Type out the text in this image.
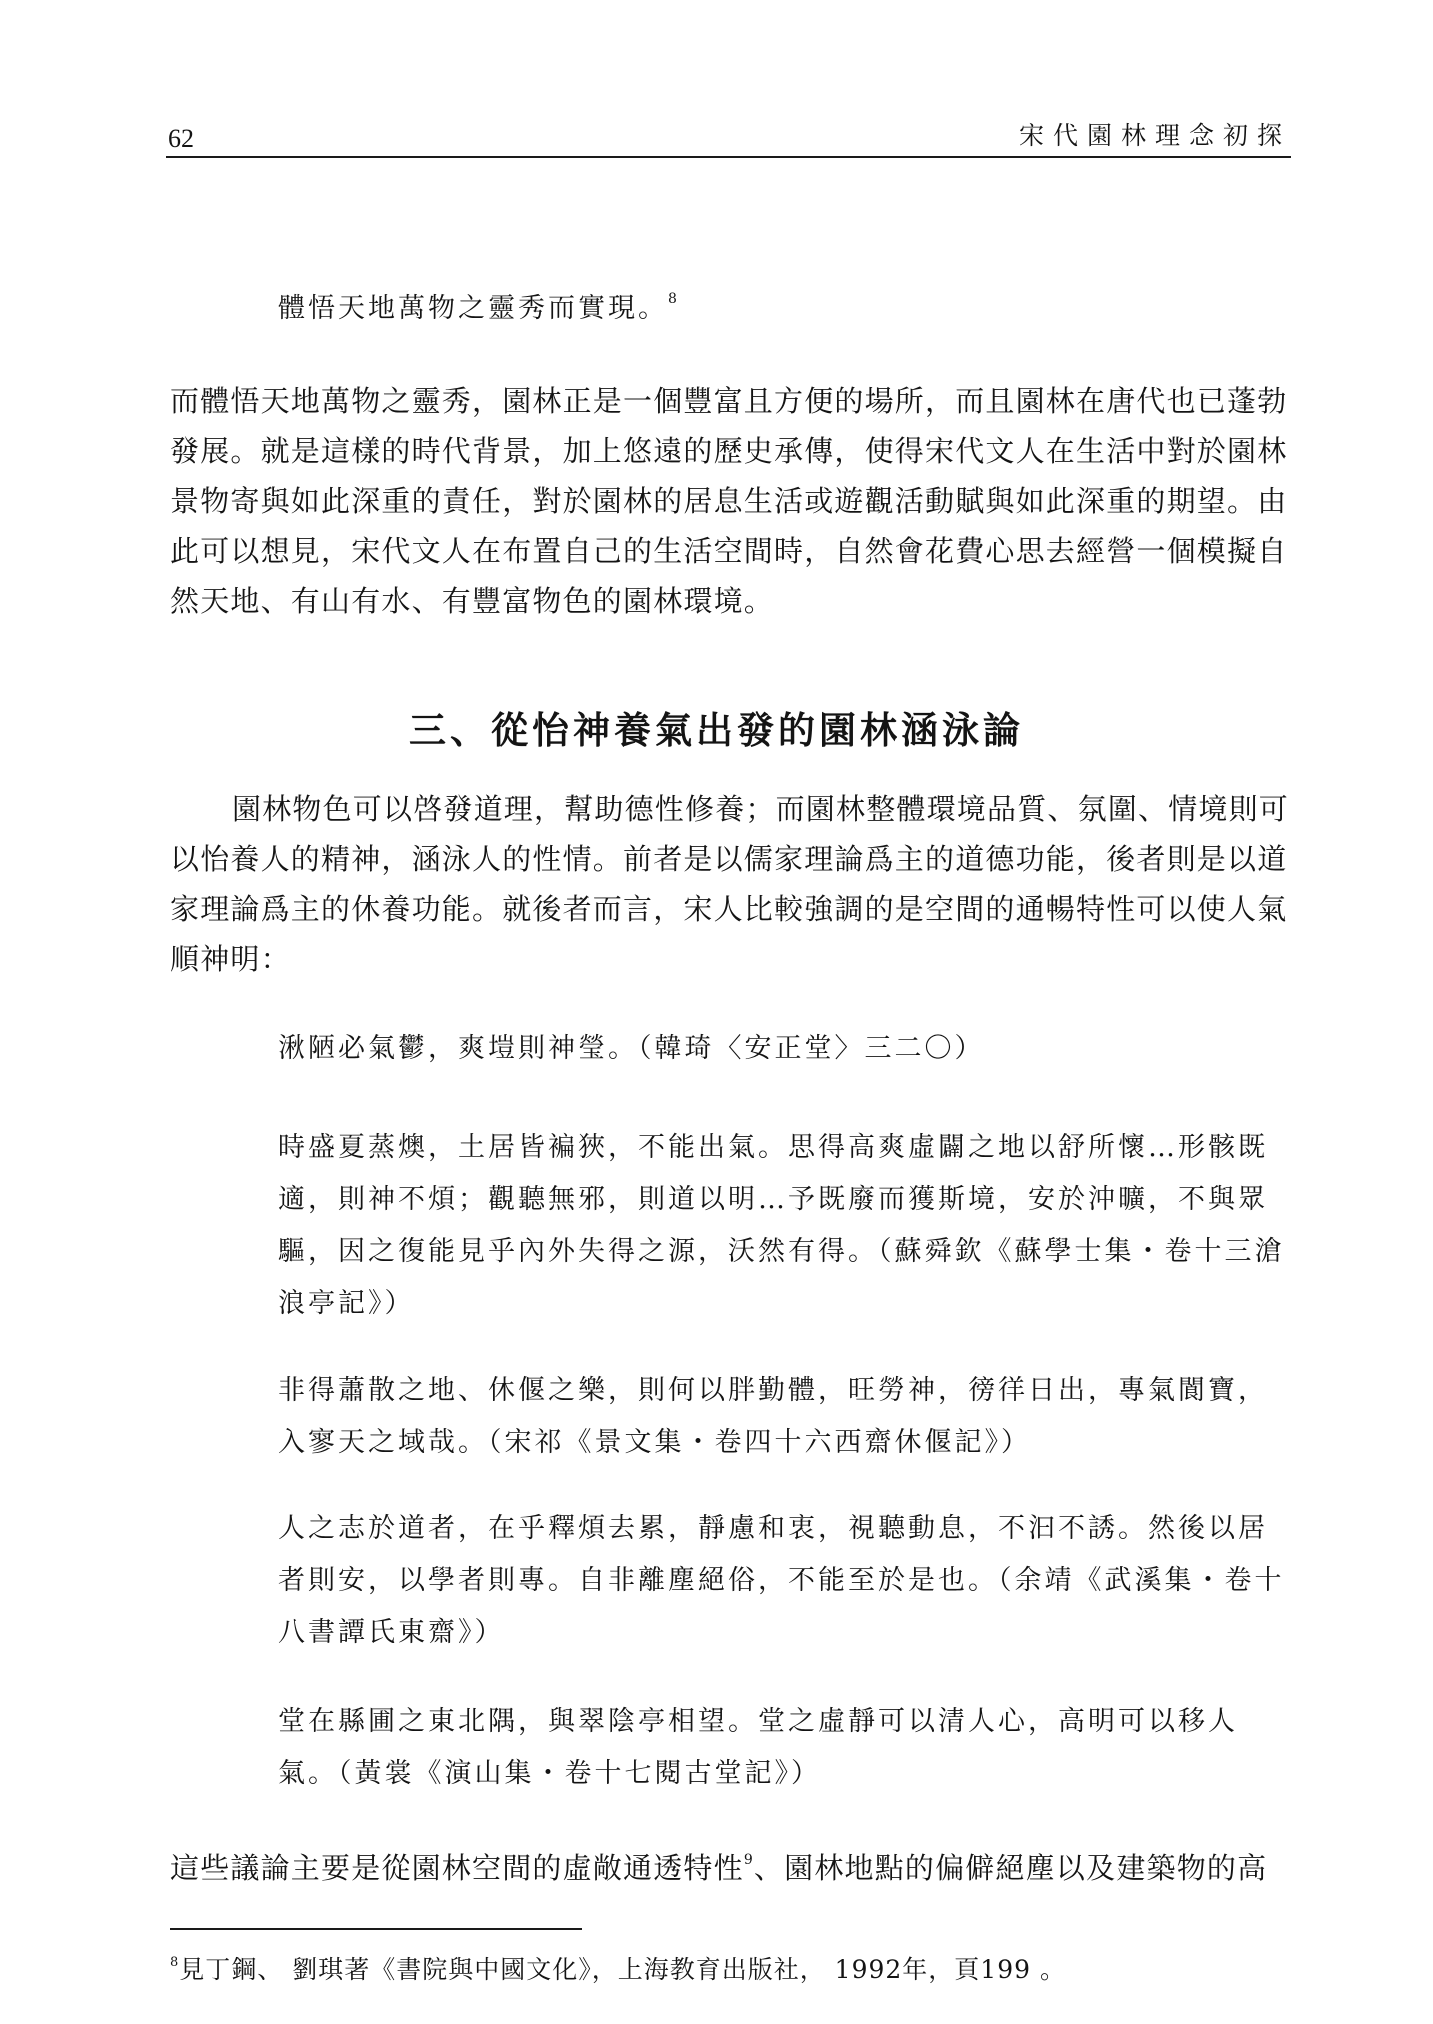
62	宋代園林理念初探

體悟天地萬物之靈秀而實現。$^8$

而體悟天地萬物之靈秀，園林正是一個豐富且方便的場所，而且園林在唐代也已蓬勃發展。就是這樣的時代背景，加上悠遠的歷史承傳，使得宋代文人在生活中對於園林景物寄與如此深重的責任，對於園林的居息生活或遊觀活動賦與如此深重的期望。由此可以想見，宋代文人在布置自己的生活空間時，自然會花費心思去經營一個模擬自然天地、有山有水、有豐富物色的園林環境。

三、從怡神養氣出發的園林涵泳論

園林物色可以啓發道理，幫助德性修養；而園林整體環境品質、氛圍、情境則可以怡養人的精神，涵泳人的性情。前者是以儒家理論爲主的道德功能，後者則是以道家理論爲主的休養功能。就後者而言，宋人比較強調的是空間的通暢特性可以使人氣順神明：

湫陋必氣鬱，爽塏則神瑩。（韓琦〈安正堂〉三二〇）

時盛夏蒸燠，土居皆褊狹，不能出氣。思得高爽虛闢之地以舒所懷…形骸既適，則神不煩；觀聽無邪，則道以明…予既廢而獲斯境，安於沖曠，不與眾驅，因之復能見乎內外失得之源，沃然有得。（蘇舜欽《蘇學士集・卷十三滄浪亭記》）

非得蕭散之地、休偃之樂，則何以胖勤體，旺勞神，徬徉日出，專氣閬寶，入寥天之域哉。（宋祁《景文集・卷四十六西齋休偃記》）

人之志於道者，在乎釋煩去累，靜慮和衷，視聽動息，不汩不誘。然後以居者則安，以學者則專。自非離塵絕俗，不能至於是也。（余靖《武溪集・卷十八書譚氏東齋》）

堂在縣圃之東北隅，與翠陰亭相望。堂之虛靜可以清人心，高明可以移人氣。（黃裳《演山集・卷十七閱古堂記》）

這些議論主要是從園林空間的虛敞通透特性$^9$、園林地點的偏僻絕塵以及建築物的高

$^8$見丁鋼、 劉琪著《書院與中國文化》，上海教育出版社， 1992年，頁199 。
